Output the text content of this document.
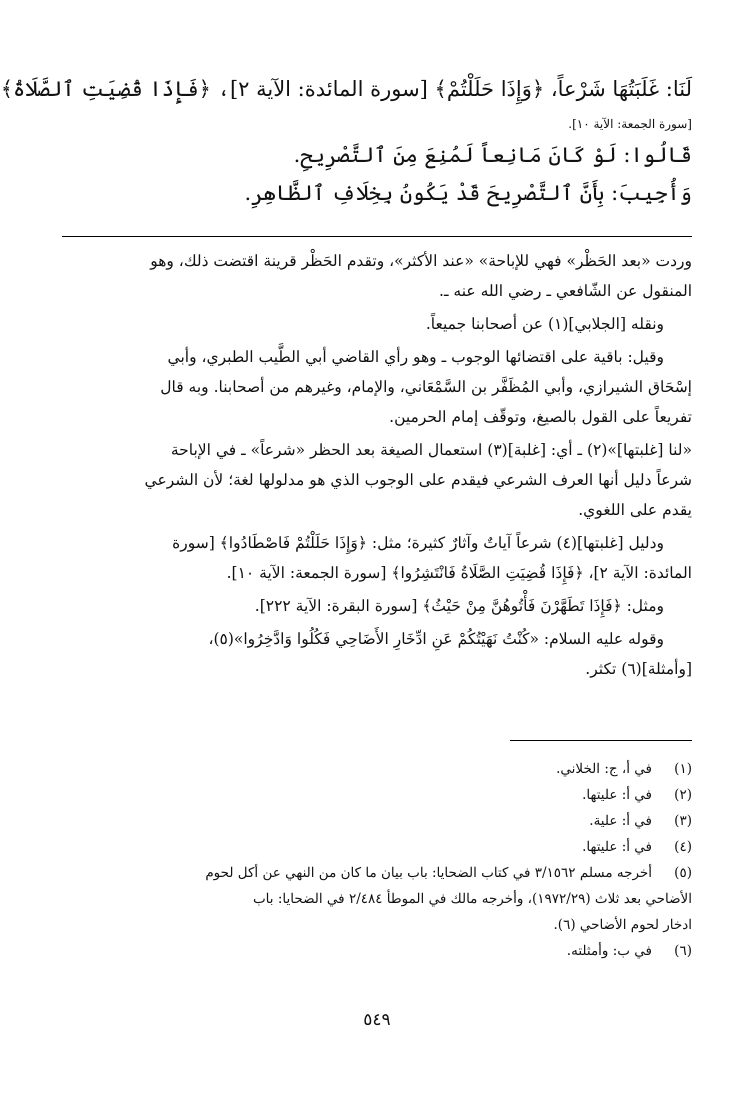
لَنَا: غَلَبَتُهَا شَرْعاً، ﴿وَإِذَا حَلَلْتُمْ﴾ [سورة المائدة: الآية ٢]، ﴿فَإِذَا قُضِيَتِ ٱلصَّلَاةُ﴾
[سورة الجمعة: الآية ١٠].
قَالُوا: لَوْ كَانَ مَانِعاً لَمُنِعَ مِنَ ٱلتَّصْرِيحِ.
وَأُجِيبَ: بِأَنَّ ٱلتَّصْرِيحَ قَدْ يَكُونُ بِخِلَافِ ٱلظَّاهِرِ.

وردت «بعد الحَظْر» فهي للإباحة» «عند الأكثر»، وتقدم الحَظْر قرينة اقتضت ذلك، وهو
المنقول عن الشّافعي ـ رضي الله عنه ـ.

ونقله [الجلابي](١) عن أصحابنا جميعاً.

وقيل: باقية على اقتضائها الوجوب ـ وهو رأي القاضي أبي الطَّيب الطبري، وأبي
إسْحَاق الشيرازي، وأبي المُظَفَّر بن السَّمْعَاني، والإمام، وغيرهم من أصحابنا. وبه قال
تفريعاً على القول بالصيغ، وتوقّف إمام الحرمين.

«لنا [غلبتها]»(٢) ـ أي: [غلبة](٣) استعمال الصيغة بعد الحظر «شرعاً» ـ في الإباحة
شرعاً دليل أنها العرف الشرعي فيقدم على الوجوب الذي هو مدلولها لغة؛ لأن الشرعي
يقدم على اللغوي.

ودليل [غلبتها](٤) شرعاً آياتٌ وآثارٌ كثيرة؛ مثل: ﴿وَإِذَا حَلَلْتُمْ فَاصْطَادُوا﴾ [سورة
المائدة: الآية ٢]، ﴿فَإِذَا قُضِيَتِ الصَّلَاةُ فَانْتَشِرُوا﴾ [سورة الجمعة: الآية ١٠].

ومثل: ﴿فَإِذَا تَطَهَّرْنَ فَأْتُوهُنَّ مِنْ حَيْثُ﴾ [سورة البقرة: الآية ٢٢٢].

وقوله عليه السلام: «كُنْتُ نَهَيْتُكُمْ عَنِ ادِّخَارِ الأَضَاحِي فَكُلُوا وَادَّخِرُوا»(٥)،
[وأمثلة](٦) تكثر.

(١)
في أ، ج: الخلاني.
(٢)
في أ: عليتها.
(٣)
في أ: علية.
(٤)
في أ: عليتها.
(٥)
أخرجه مسلم ٣/١٥٦٢ في كتاب الضحايا: باب بيان ما كان من النهي عن أكل لحوم
الأضاحي بعد ثلاث (١٩٧٢/٢٩)، وأخرجه مالك في الموطأ ٢/٤٨٤ في الضحايا: باب
ادخار لحوم الأضاحي (٦).
(٦)
في ب: وأمثلته.
٥٤٩
